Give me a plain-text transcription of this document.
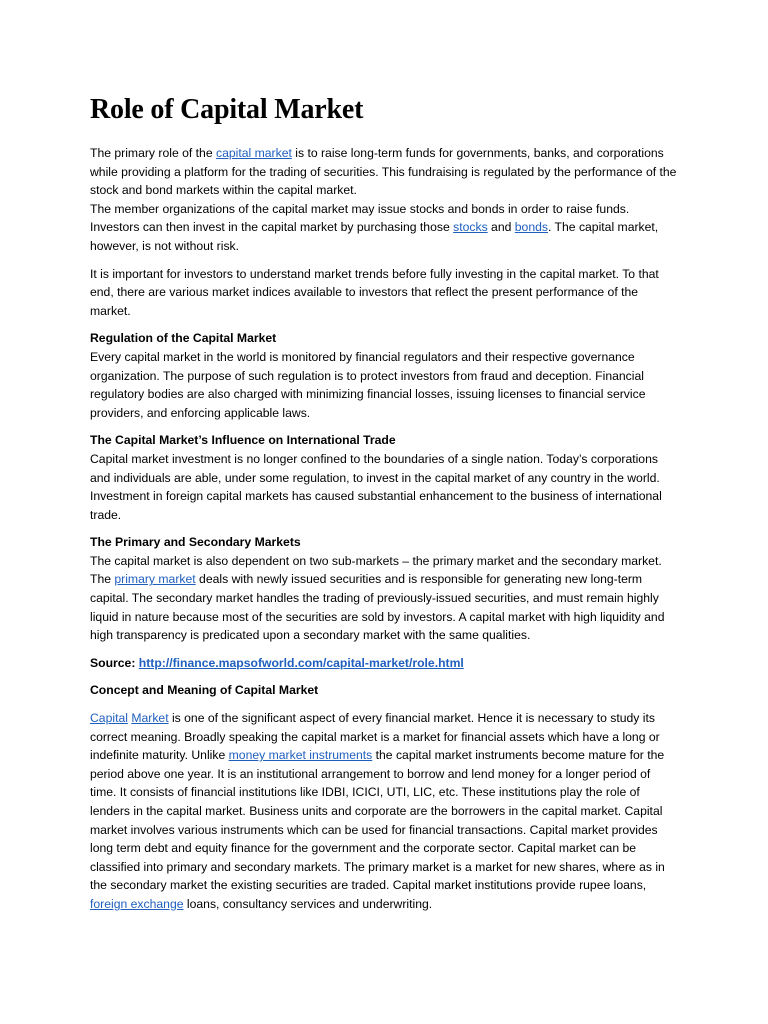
Role of Capital Market

The primary role of the capital market is to raise long-term funds for governments, banks, and corporations while providing a platform for the trading of securities. This fundraising is regulated by the performance of the stock and bond markets within the capital market.

The member organizations of the capital market may issue stocks and bonds in order to raise funds. Investors can then invest in the capital market by purchasing those stocks and bonds. The capital market, however, is not without risk.

It is important for investors to understand market trends before fully investing in the capital market. To that end, there are various market indices available to investors that reflect the present performance of the market.

Regulation of the Capital Market

Every capital market in the world is monitored by financial regulators and their respective governance organization. The purpose of such regulation is to protect investors from fraud and deception. Financial regulatory bodies are also charged with minimizing financial losses, issuing licenses to financial service providers, and enforcing applicable laws.

The Capital Market’s Influence on International Trade

Capital market investment is no longer confined to the boundaries of a single nation. Today’s corporations and individuals are able, under some regulation, to invest in the capital market of any country in the world. Investment in foreign capital markets has caused substantial enhancement to the business of international trade.

The Primary and Secondary Markets

The capital market is also dependent on two sub-markets – the primary market and the secondary market. The primary market deals with newly issued securities and is responsible for generating new long-term capital. The secondary market handles the trading of previously-issued securities, and must remain highly liquid in nature because most of the securities are sold by investors. A capital market with high liquidity and high transparency is predicated upon a secondary market with the same qualities.

Source: http://finance.mapsofworld.com/capital-market/role.html

Concept and Meaning of Capital Market

Capital Market is one of the significant aspect of every financial market. Hence it is necessary to study its correct meaning. Broadly speaking the capital market is a market for financial assets which have a long or indefinite maturity. Unlike money market instruments the capital market instruments become mature for the period above one year. It is an institutional arrangement to borrow and lend money for a longer period of time. It consists of financial institutions like IDBI, ICICI, UTI, LIC, etc. These institutions play the role of lenders in the capital market. Business units and corporate are the borrowers in the capital market. Capital market involves various instruments which can be used for financial transactions. Capital market provides long term debt and equity finance for the government and the corporate sector. Capital market can be classified into primary and secondary markets. The primary market is a market for new shares, where as in the secondary market the existing securities are traded. Capital market institutions provide rupee loans, foreign exchange loans, consultancy services and underwriting.
